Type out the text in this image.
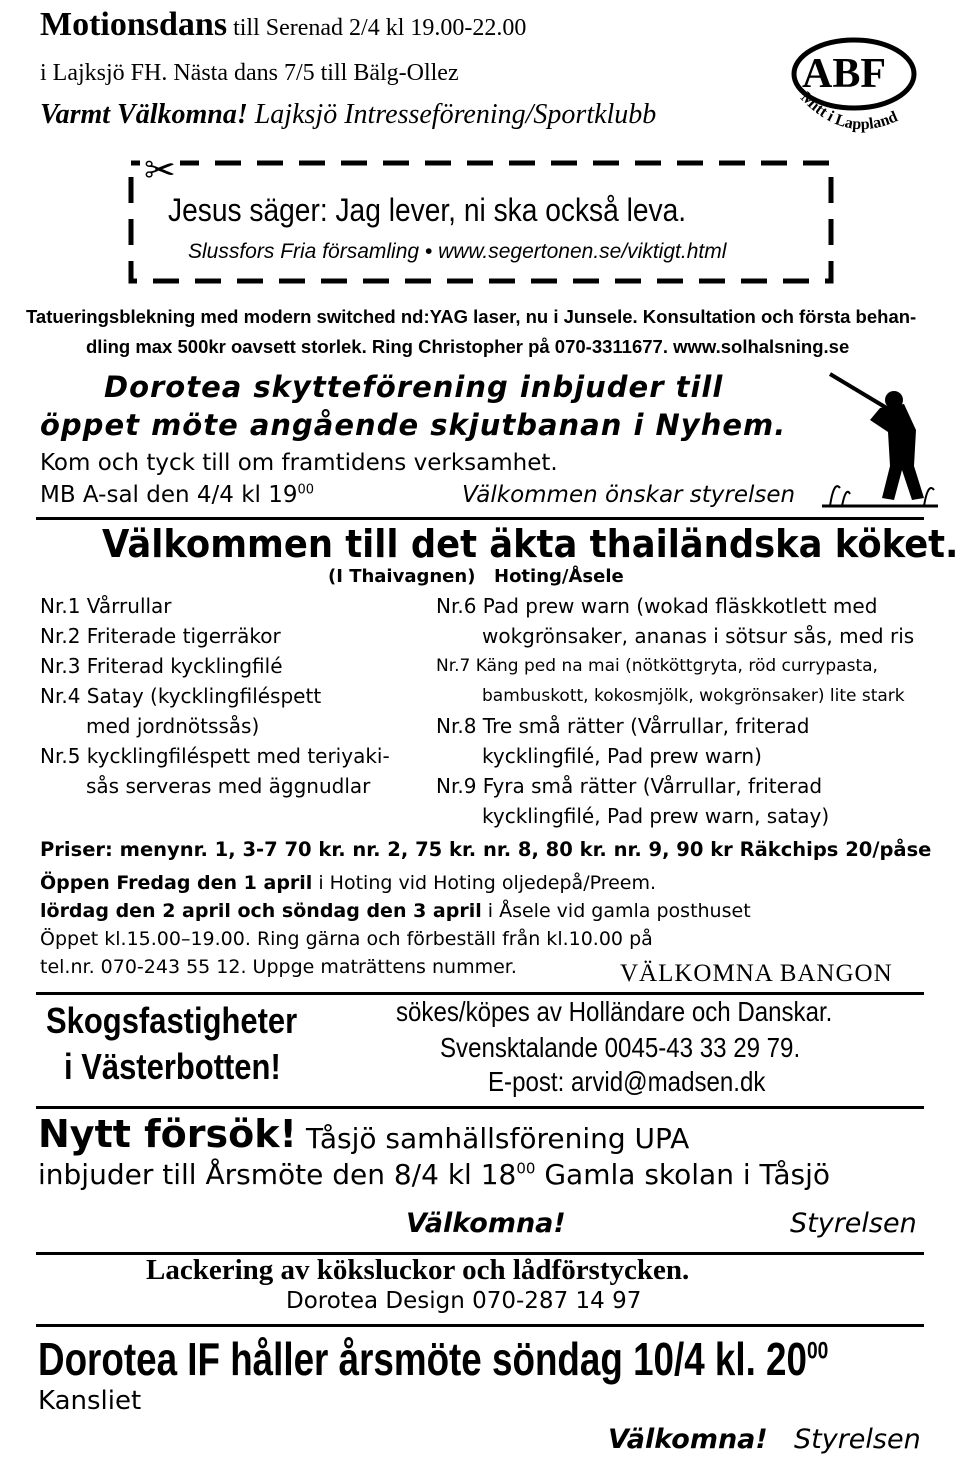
Motionsdans till Serenad 2/4 kl 19.00-22.00
i Lajksjö FH. Nästa dans 7/5 till Bälg-Ollez
Varmt Välkomna! Lajksjö Intresseförening/Sportklubb	Mitt i Lappland
ABF
✂
Jesus säger: Jag lever, ni ska också leva.
Slussfors Fria församling • www.segertonen.se/viktigt.html
Tatueringsblekning med modern switched nd:YAG laser, nu i Junsele. Konsultation och första behan-
dling max 500kr oavsett storlek. Ring Christopher på 070-3311677. www.solhalsning.se
Dorotea skytteförening inbjuder till
öppet möte angående skjutbanan i Nyhem.
Kom och tyck till om framtidens verksamhet.
MB A-sal den 4/4 kl $19^{00}$	Välkommen önskar styrelsen
Välkommen till det äkta thailändska köket.
(I Thaivagnen) Hoting/Åsele
Nr.1 Vårrullar
Nr.2 Friterade tigerräkor
Nr.3 Friterad kycklingfilé
Nr.4 Satay (kycklingfiléspett
med jordnötssås)
Nr.5 kycklingfiléspett med teriyaki-
sås serveras med äggnudlar
Nr.6 Pad prew warn (wokad fläskkotlett med
wokgrönsaker, ananas i sötsur sås, med ris
Nr.7 Käng ped na mai (nötköttgryta, röd currypasta,
bambuskott, kokosmjölk, wokgrönsaker) lite stark
Nr.8 Tre små rätter (Vårrullar, friterad
kycklingfilé, Pad prew warn)
Nr.9 Fyra små rätter (Vårrullar, friterad
kycklingfilé, Pad prew warn, satay)
Priser: menynr. 1, 3-7 70 kr. nr. 2, 75 kr. nr. 8, 80 kr. nr. 9, 90 kr Räkchips 20/påse
Öppen Fredag den 1 april i Hoting vid Hoting oljedepå/Preem.
lördag den 2 april och söndag den 3 april i Åsele vid gamla posthuset
Öppet kl.15.00–19.00. Ring gärna och förbeställ från kl.10.00 på
tel.nr. 070-243 55 12. Uppge maträttens nummer.	VÄLKOMNA BANGON
Skogsfastigheter
i Västerbotten!
sökes/köpes av Holländare och Danskar.
Svensktalande 0045-43 33 29 79.
E-post: arvid@madsen.dk
Nytt försök! Tåsjö samhällsförening UPA
inbjuder till Årsmöte den 8/4 kl $18^{00}$ Gamla skolan i Tåsjö
Välkomna!	Styrelsen
Lackering av köksluckor och lådförstycken.
Dorotea Design 070-287 14 97
Dorotea IF håller årsmöte söndag 10/4 kl. $20^{00}$
Kansliet
Välkomna! Styrelsen
